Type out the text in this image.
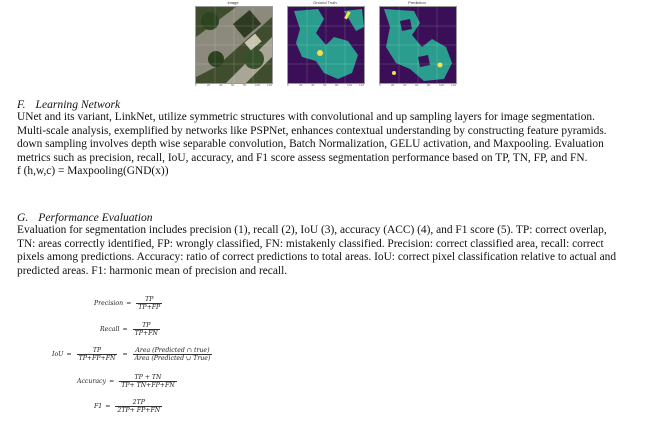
Image	Ground Truth	Prediction
0	20	40	60	80	100 120	0	20	40	60	80	100 120	0	20	40	60	80	100 120
F. Learning Network

UNet and its variant, LinkNet, utilize symmetric structures with convolutional and up sampling layers for image segmentation.

Multi-scale analysis, exemplified by networks like PSPNet, enhances contextual understanding by constructing feature pyramids.

down sampling involves depth wise separable convolution, Batch Normalization, GELU activation, and Maxpooling. Evaluation

metrics such as precision, recall, IoU, accuracy, and F1 score assess segmentation performance based on TP, TN, FP, and FN.

f (h,w,c) = Maxpooling(GND(x))

G. Performance Evaluation

Evaluation for segmentation includes precision (1), recall (2), IoU (3), accuracy (ACC) (4), and F1 score (5). TP: correct overlap,

TN: areas correctly identified, FP: wrongly classified, FN: mistakenly classified. Precision: correct classified area, recall: correct

pixels among predictions. Accuracy: ratio of correct predictions to total areas. IoU: correct pixel classification relative to actual and

predicted areas. F1: harmonic mean of precision and recall.

Precision = $\frac{TP}{TP+FP}$
Recall = $\frac{TP}{TP+FN}$
IoU = $\frac{TP}{TP+FP+FN} = \frac{\text{Area (Predicted ∩ true)}}{\text{Area (Predicted ∪ True)}}$
Accuracy = $\frac{TP + TN}{TP+ TN+FP+FN}$
$F1 = \frac{2TP}{2TP+ FP+FN}$
